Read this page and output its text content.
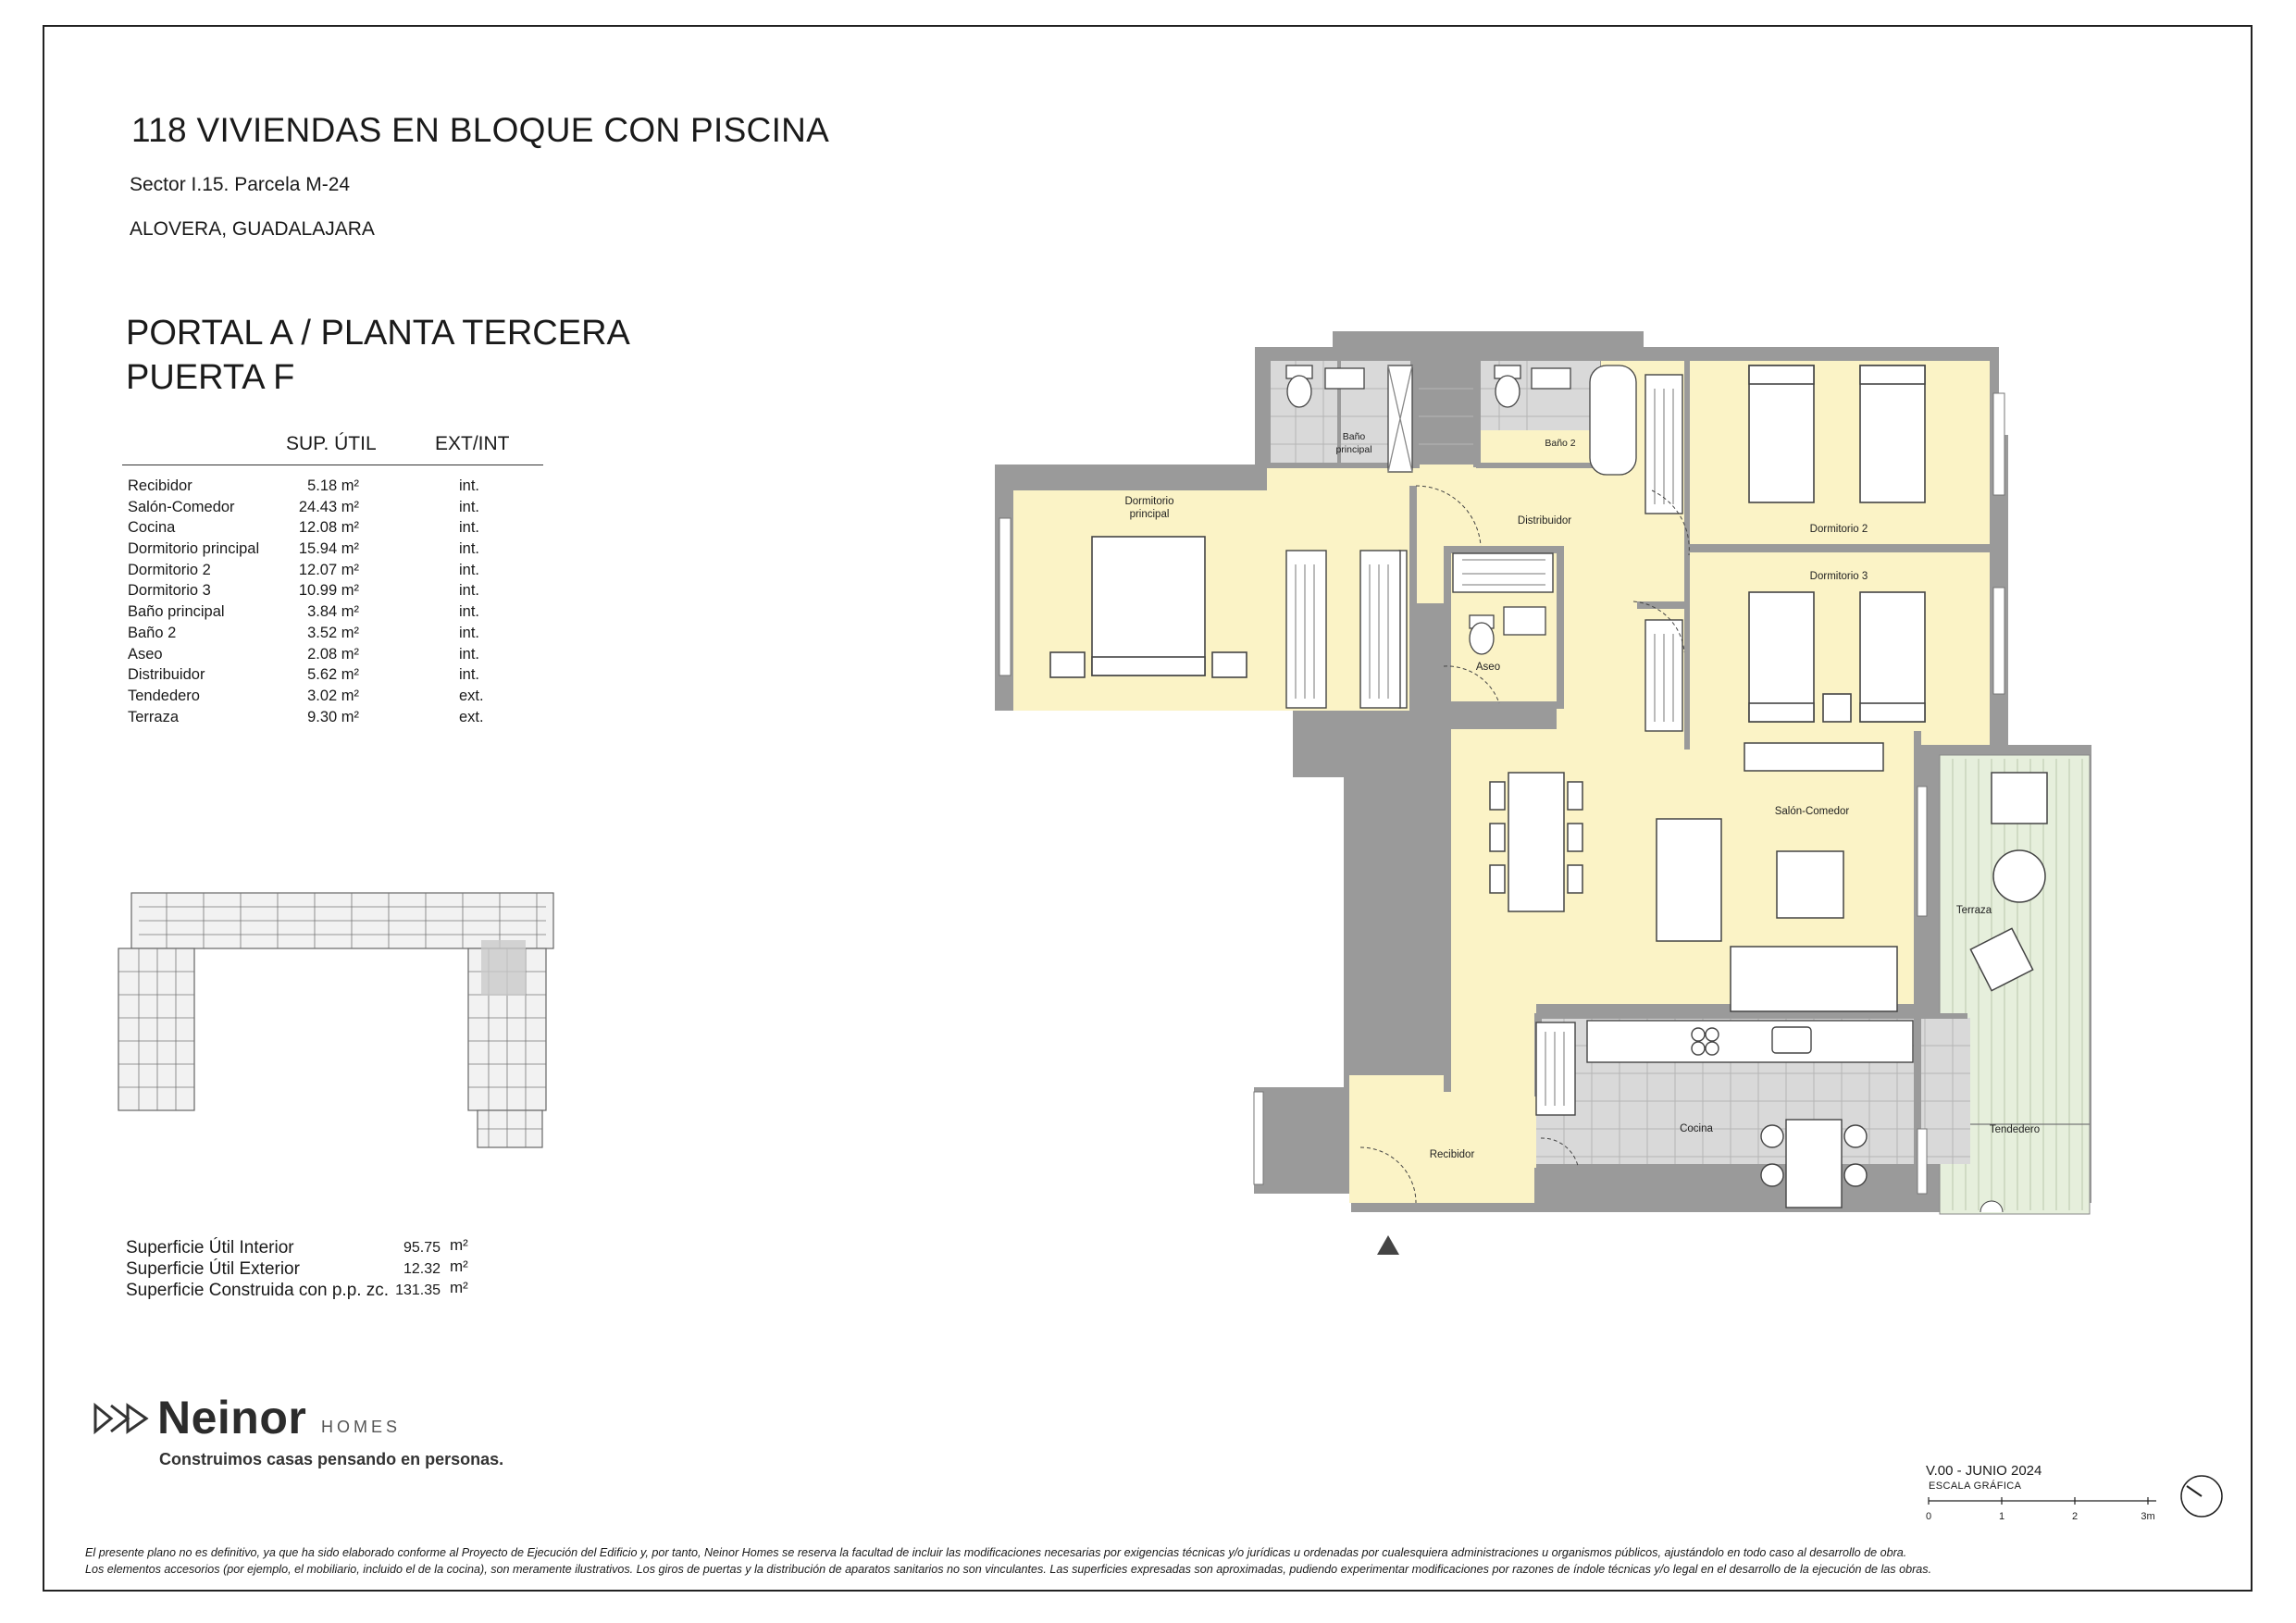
118 VIVIENDAS EN BLOQUE CON PISCINA
Sector I.15. Parcela M-24
ALOVERA, GUADALAJARA
PORTAL A / PLANTA TERCERA
PUERTA F
SUP. ÚTIL	EXT/INT
Recibidor	5.18 m²	int.
Salón-Comedor	24.43 m²	int.
Cocina	12.08 m²	int.
Dormitorio principal	15.94 m²	int.
Dormitorio 2	12.07 m²	int.
Dormitorio 3	10.99 m²	int.
Baño principal	3.84 m²	int.
Baño 2	3.52 m²	int.
Aseo	2.08 m²	int.
Distribuidor	5.62 m²	int.
Tendedero	3.02 m²	ext.
Terraza	9.30 m²	ext.
Superficie Útil Interior	95.75 m²
Superficie Útil Exterior	12.32 m²
Superficie Construida con p.p. zc. 131.35 m²
Neinor HOMES
Construimos casas pensando en personas.
V.00 - JUNIO 2024
ESCALA GRÁFICA
0	1	2	3m
El presente plano no es definitivo, ya que ha sido elaborado conforme al Proyecto de Ejecución del Edificio y, por tanto, Neinor Homes se reserva la facultad de incluir las modificaciones necesarias por exigencias técnicas y/o jurídicas u ordenadas por cualesquiera administraciones u organismos públicos, ajustándolo en todo caso al desarrollo de obra.
Los elementos accesorios (por ejemplo, el mobiliario, incluido el de la cocina), son meramente ilustrativos. Los giros de puertas y la distribución de aparatos sanitarios no son vinculantes. Las superficies expresadas son aproximadas, pudiendo experimentar modificaciones por razones de índole técnicas y/o legal en el desarrollo de la ejecución de las obras.
Dormitorio
principal
Baño
principal
Baño 2
Distribuidor
Dormitorio 2
Dormitorio 3
Aseo
Salón-Comedor
Terraza
Cocina
Recibidor
Tendedero
